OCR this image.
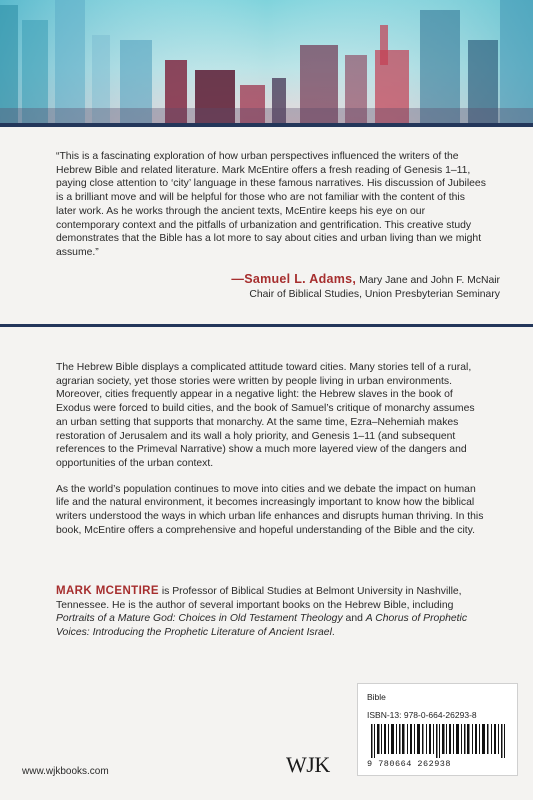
“This is a fascinating exploration of how urban perspectives influenced the writers of the Hebrew Bible and related literature. Mark McEntire offers a fresh reading of Genesis 1–11, paying close attention to ‘city’ language in these famous narratives. His discussion of Jubilees is a brilliant move and will be helpful for those who are not familiar with the content of this later work. As he works through the ancient texts, McEntire keeps his eye on our contemporary context and the pitfalls of urbanization and gentrification. This creative study demonstrates that the Bible has a lot more to say about cities and urban living than we might assume.”

—Samuel L. Adams, Mary Jane and John F. McNair
Chair of Biblical Studies, Union Presbyterian Seminary

The Hebrew Bible displays a complicated attitude toward cities. Many stories tell of a rural, agrarian society, yet those stories were written by people living in urban environments. Moreover, cities frequently appear in a negative light: the Hebrew slaves in the book of Exodus were forced to build cities, and the book of Samuel’s critique of monarchy assumes an urban setting that supports that monarchy. At the same time, Ezra–Nehemiah makes restoration of Jerusalem and its wall a holy priority, and Genesis 1–11 (and subsequent references to the Primeval Narrative) show a much more layered view of the dangers and opportunities of the urban context.

As the world’s population continues to move into cities and we debate the impact on human life and the natural environment, it becomes increasingly important to know how the biblical writers understood the ways in which urban life enhances and disrupts human thriving. In this book, McEntire offers a comprehensive and hopeful understanding of the Bible and the city.

MARK MCENTIRE is Professor of Biblical Studies at Belmont University in Nashville, Tennessee. He is the author of several important books on the Hebrew Bible, including Portraits of a Mature God: Choices in Old Testament Theology and A Chorus of Prophetic Voices: Introducing the Prophetic Literature of Ancient Israel.

www.wjkbooks.com	WJK
Bible
ISBN-13: 978-0-664-26293-8
9 780664 262938
